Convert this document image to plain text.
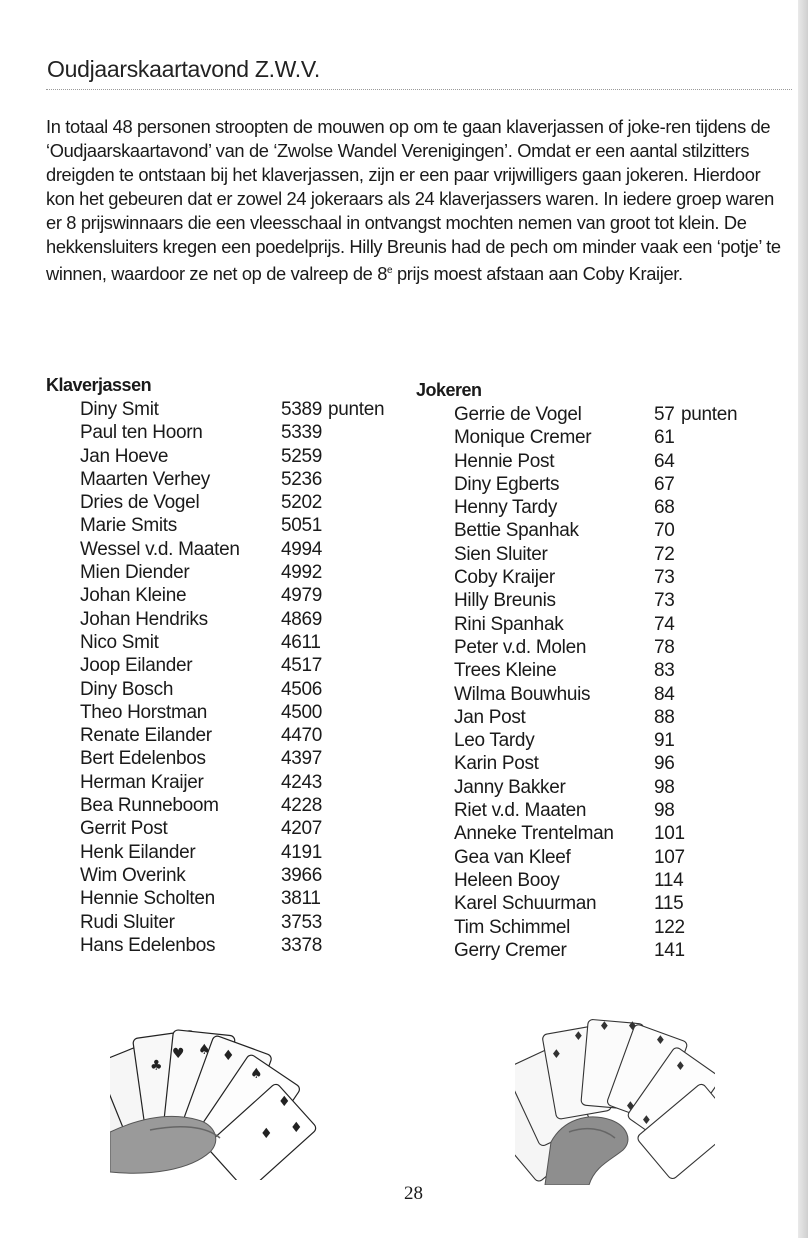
Oudjaarskaartavond Z.W.V.

In totaal 48 personen stroopten de mouwen op om te gaan klaverjassen of joke-ren tijdens de ‘Oudjaarskaartavond’ van de ‘Zwolse Wandel Verenigingen’. Omdat er een aantal stilzitters dreigden te ontstaan bij het klaverjassen, zijn er een paar vrijwilligers gaan jokeren. Hierdoor kon het gebeuren dat er zowel 24 jokeraars als 24 klaverjassers waren. In iedere groep waren er 8 prijswinnaars die een vleesschaal in ontvangst mochten nemen van groot tot klein. De hekkensluiters kregen een poedelprijs. Hilly Breunis had de pech om minder vaak een ‘potje’ te winnen, waardoor ze net op de valreep de 8e prijs moest afstaan aan Coby Kraijer.

Klaverjassen
Diny Smit	5389 punten
Paul ten Hoorn	5339
Jan Hoeve	5259
Maarten Verhey	5236
Dries de Vogel	5202
Marie Smits	5051
Wessel v.d. Maaten 4994
Mien Diender	4992
Johan Kleine	4979
Johan Hendriks	4869
Nico Smit	4611
Joop Eilander	4517
Diny Bosch	4506
Theo Horstman	4500
Renate Eilander	4470
Bert Edelenbos	4397
Herman Kraijer	4243
Bea Runneboom	4228
Gerrit Post	4207
Henk Eilander	4191
Wim Overink	3966
Hennie Scholten	3811
Rudi Sluiter	3753
Hans Edelenbos	3378
Jokeren
Gerrie de Vogel	57 punten
Monique Cremer	61
Hennie Post	64
Diny Egberts	67
Henny Tardy	68
Bettie Spanhak	70
Sien Sluiter	72
Coby Kraijer	73
Hilly Breunis	73
Rini Spanhak	74
Peter v.d. Molen	78
Trees Kleine	83
Wilma Bouwhuis	84
Jan Post	88
Leo Tardy	91
Karin Post	96
Janny Bakker	98
Riet v.d. Maaten	98
Anneke Trentelman 101
Gea van Kleef	107
Heleen Booy	114
Karel Schuurman	115
Tim Schimmel	122
Gerry Cremer	141
♣
♥ ♠ ♦
♠
♦
♦
♦
♦
♦
♦ ♦
♦
♦
♦
♦
28
